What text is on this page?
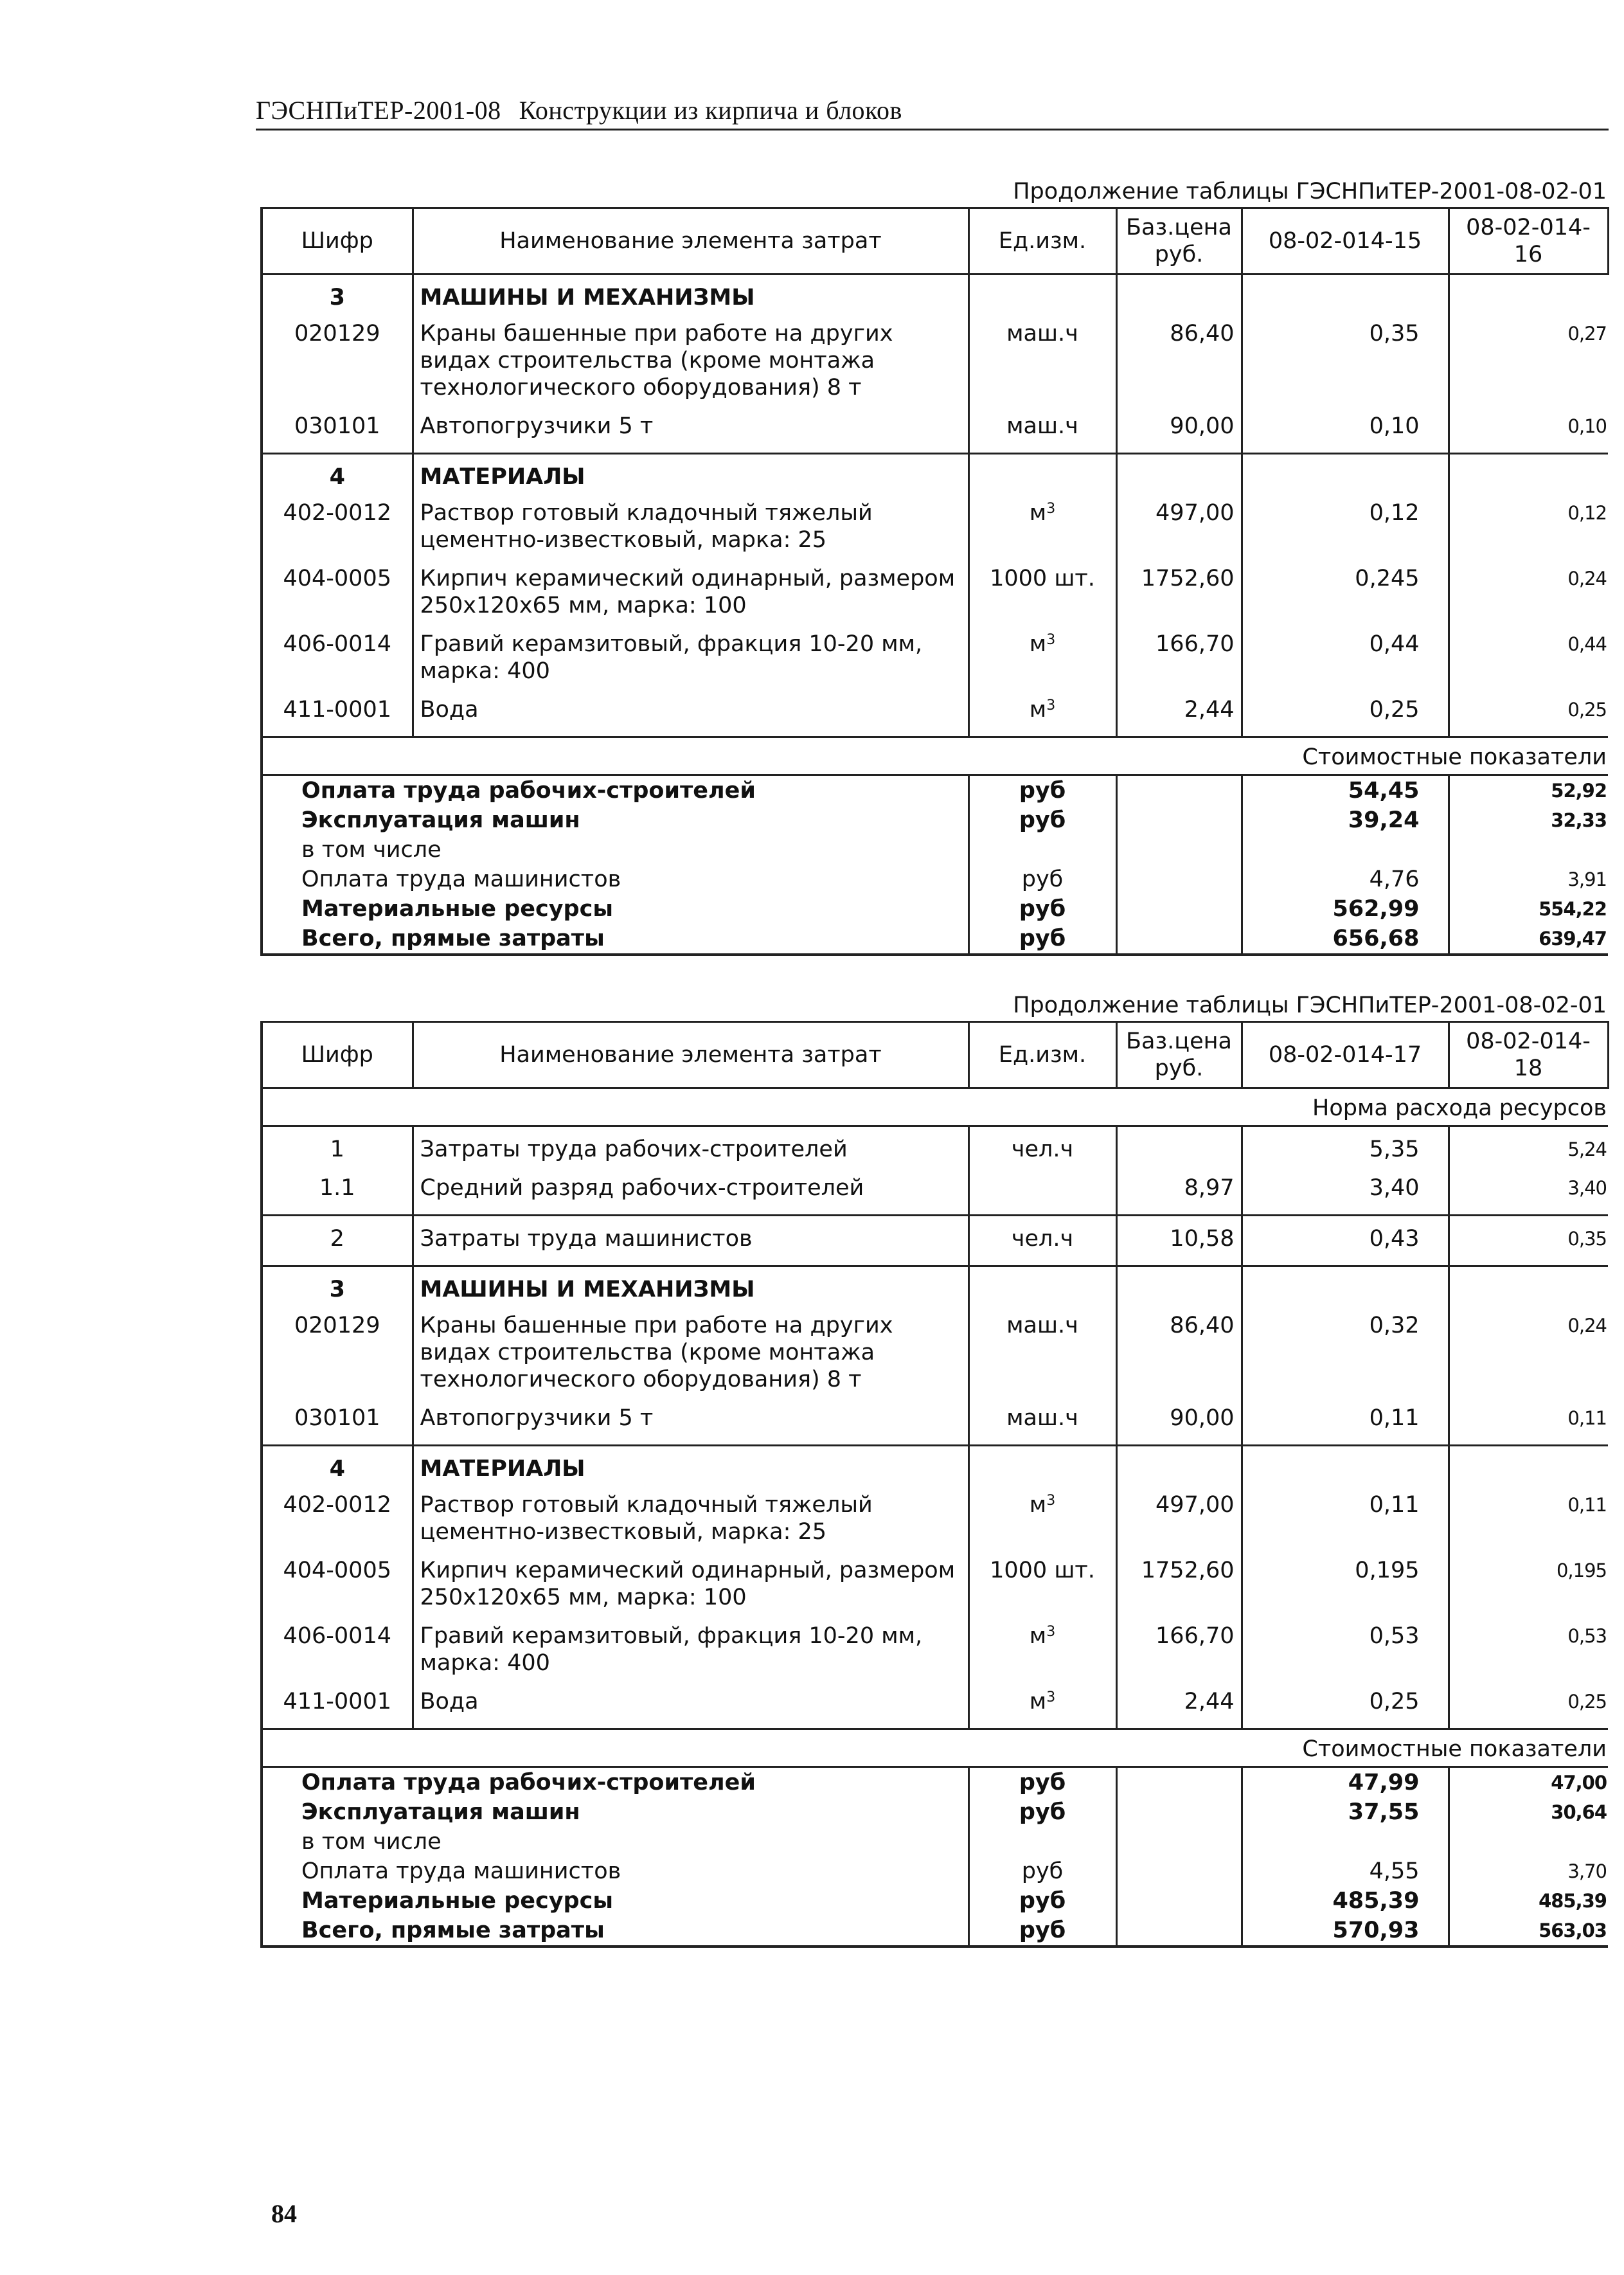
ГЭСНПиТЕР-2001-08 Конструкции из кирпича и блоков
Продолжение таблицы ГЭСНПиТЕР-2001-08-02-01
Шифр	Наименование элемента затрат	Ед.изм.	Баз.цена руб.	08-02-014-15	08-02-014-16
3	МАШИНЫ И МЕХАНИЗМЫ				
020129	Краны башенные при работе на других видах строительства (кроме монтажа технологического оборудования) 8 т	маш.ч	86,40	0,35	0,27
030101	Автопогрузчики 5 т	маш.ч	90,00	0,10	0,10
4	МАТЕРИАЛЫ				
402-0012	Раствор готовый кладочный тяжелый цементно-известковый, марка: 25	$м^3$	497,00	0,12	0,12
404-0005	Кирпич керамический одинарный, размером 250х120х65 мм, марка: 100	1000 шт.	1752,60	0,245	0,24
406-0014	Гравий керамзитовый, фракция 10-20 мм, марка: 400	$м^3$	166,70	0,44	0,44
411-0001	Вода	$м^3$	2,44	0,25	0,25
Стоимостные показатели					
Оплата труда рабочих-строителей		руб		54,45	52,92
Эксплуатация машин		руб		39,24	32,33
в том числе					
Оплата труда машинистов		руб		4,76	3,91
Материальные ресурсы		руб		562,99	554,22
Всего, прямые затраты		руб		656,68	639,47
Продолжение таблицы ГЭСНПиТЕР-2001-08-02-01
Шифр	Наименование элемента затрат	Ед.изм.	Баз.цена руб.	08-02-014-17	08-02-014-18
Норма расхода ресурсов					
1	Затраты труда рабочих-строителей	чел.ч		5,35	5,24
1.1	Средний разряд рабочих-строителей		8,97	3,40	3,40
2	Затраты труда машинистов	чел.ч	10,58	0,43	0,35
3	МАШИНЫ И МЕХАНИЗМЫ				
020129	Краны башенные при работе на других видах строительства (кроме монтажа технологического оборудования) 8 т	маш.ч	86,40	0,32	0,24
030101	Автопогрузчики 5 т	маш.ч	90,00	0,11	0,11
4	МАТЕРИАЛЫ				
402-0012	Раствор готовый кладочный тяжелый цементно-известковый, марка: 25	$м^3$	497,00	0,11	0,11
404-0005	Кирпич керамический одинарный, размером 250х120х65 мм, марка: 100	1000 шт.	1752,60	0,195	0,195
406-0014	Гравий керамзитовый, фракция 10-20 мм, марка: 400	$м^3$	166,70	0,53	0,53
411-0001	Вода	$м^3$	2,44	0,25	0,25
Стоимостные показатели					
Оплата труда рабочих-строителей		руб		47,99	47,00
Эксплуатация машин		руб		37,55	30,64
в том числе					
Оплата труда машинистов		руб		4,55	3,70
Материальные ресурсы		руб		485,39	485,39
Всего, прямые затраты		руб		570,93	563,03
84
